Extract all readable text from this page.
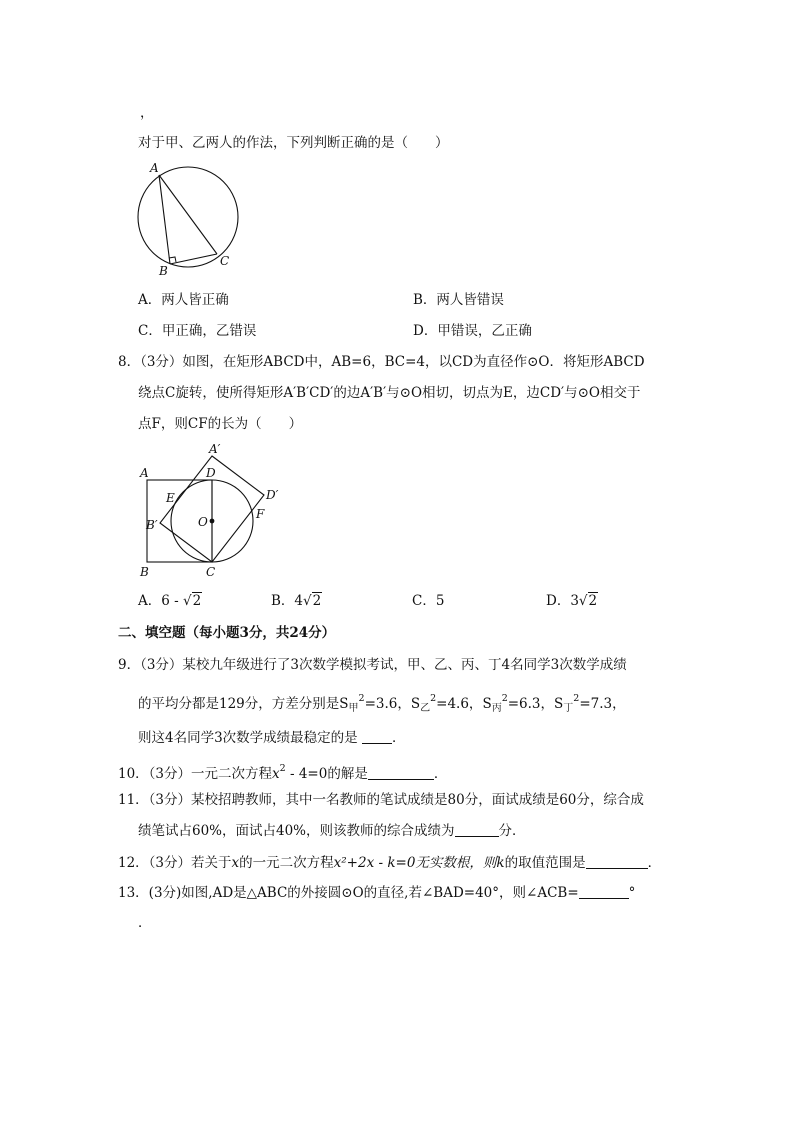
，
对于甲、乙两人的作法，下列判断正确的是（　　）
A
B
C
A．两人皆正确	B．两人皆错误
C．甲正确，乙错误	D．甲错误，乙正确
8．（3分）如图，在矩形ABCD中，AB=6，BC=4，以CD为直径作⊙O．将矩形ABCD
绕点C旋转，使所得矩形A′B′CD′的边A′B′与⊙O相切，切点为E，边CD′与⊙O相交于
点F，则CF的长为（　　）
A
A′
D
D′
E
B′	O
F
B	C
A．6 - √2	B．4√2	C．5	D．3√2
二、填空题（每小题3分，共24分）
9．（3分）某校九年级进行了3次数学模拟考试，甲、乙、丙、丁4名同学3次数学成绩
的平均分都是129分，方差分别是$S_甲^2=3.6$，$S_乙^2=4.6$，$S_丙^2=6.3$，$S_丁^2=7.3$，
则这4名同学3次数学成绩最稳定的是	．
10．（3分）一元二次方程$x^2 - 4=0$的解是	．
11．（3分）某校招聘教师，其中一名教师的笔试成绩是80分，面试成绩是60分，综合成
绩笔试占60%，面试占40%，则该教师的综合成绩为	分．
12．（3分）若关于x的一元二次方程x²+2x - k=0无实数根，则k的取值范围是	．
13．(3分)如图,AD是△ABC的外接圆⊙O的直径,若∠BAD=40°，则∠ACB=	°
．
